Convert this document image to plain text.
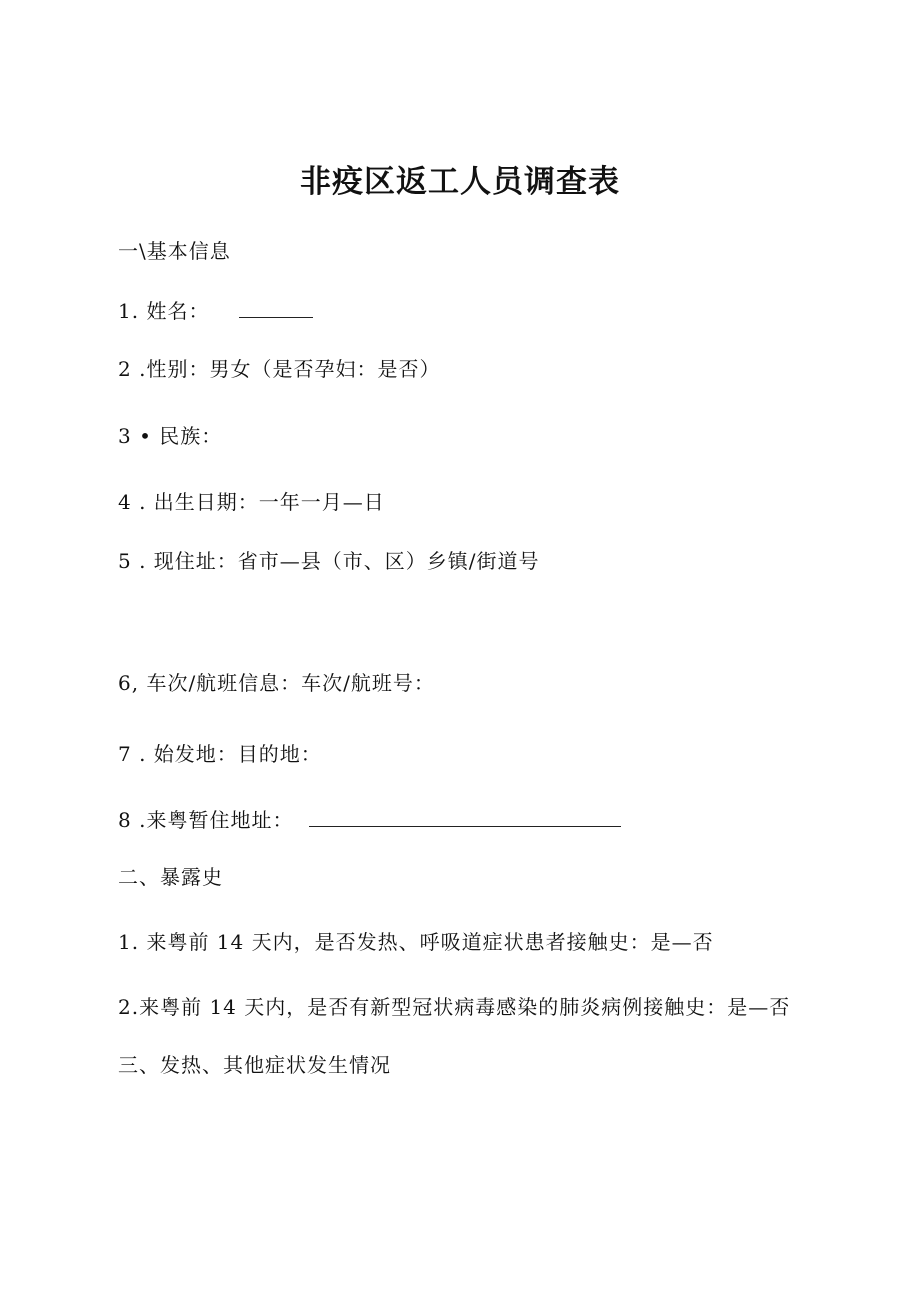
非疫区返工人员调查表
一\基本信息
1. 姓名：
2 .性别：男女（是否孕妇：是否）
3 • 民族：
4 . 出生日期：一年一月—日
5 . 现住址：省市—县（市、区）乡镇/街道号
6, 车次/航班信息：车次/航班号：
7 . 始发地：目的地：
8 .来粤暂住地址：
二、暴露史
1. 来粤前 14 天内，是否发热、呼吸道症状患者接触史：是—否
2.来粤前 14 天内，是否有新型冠状病毒感染的肺炎病例接触史：是—否
三、发热、其他症状发生情况
